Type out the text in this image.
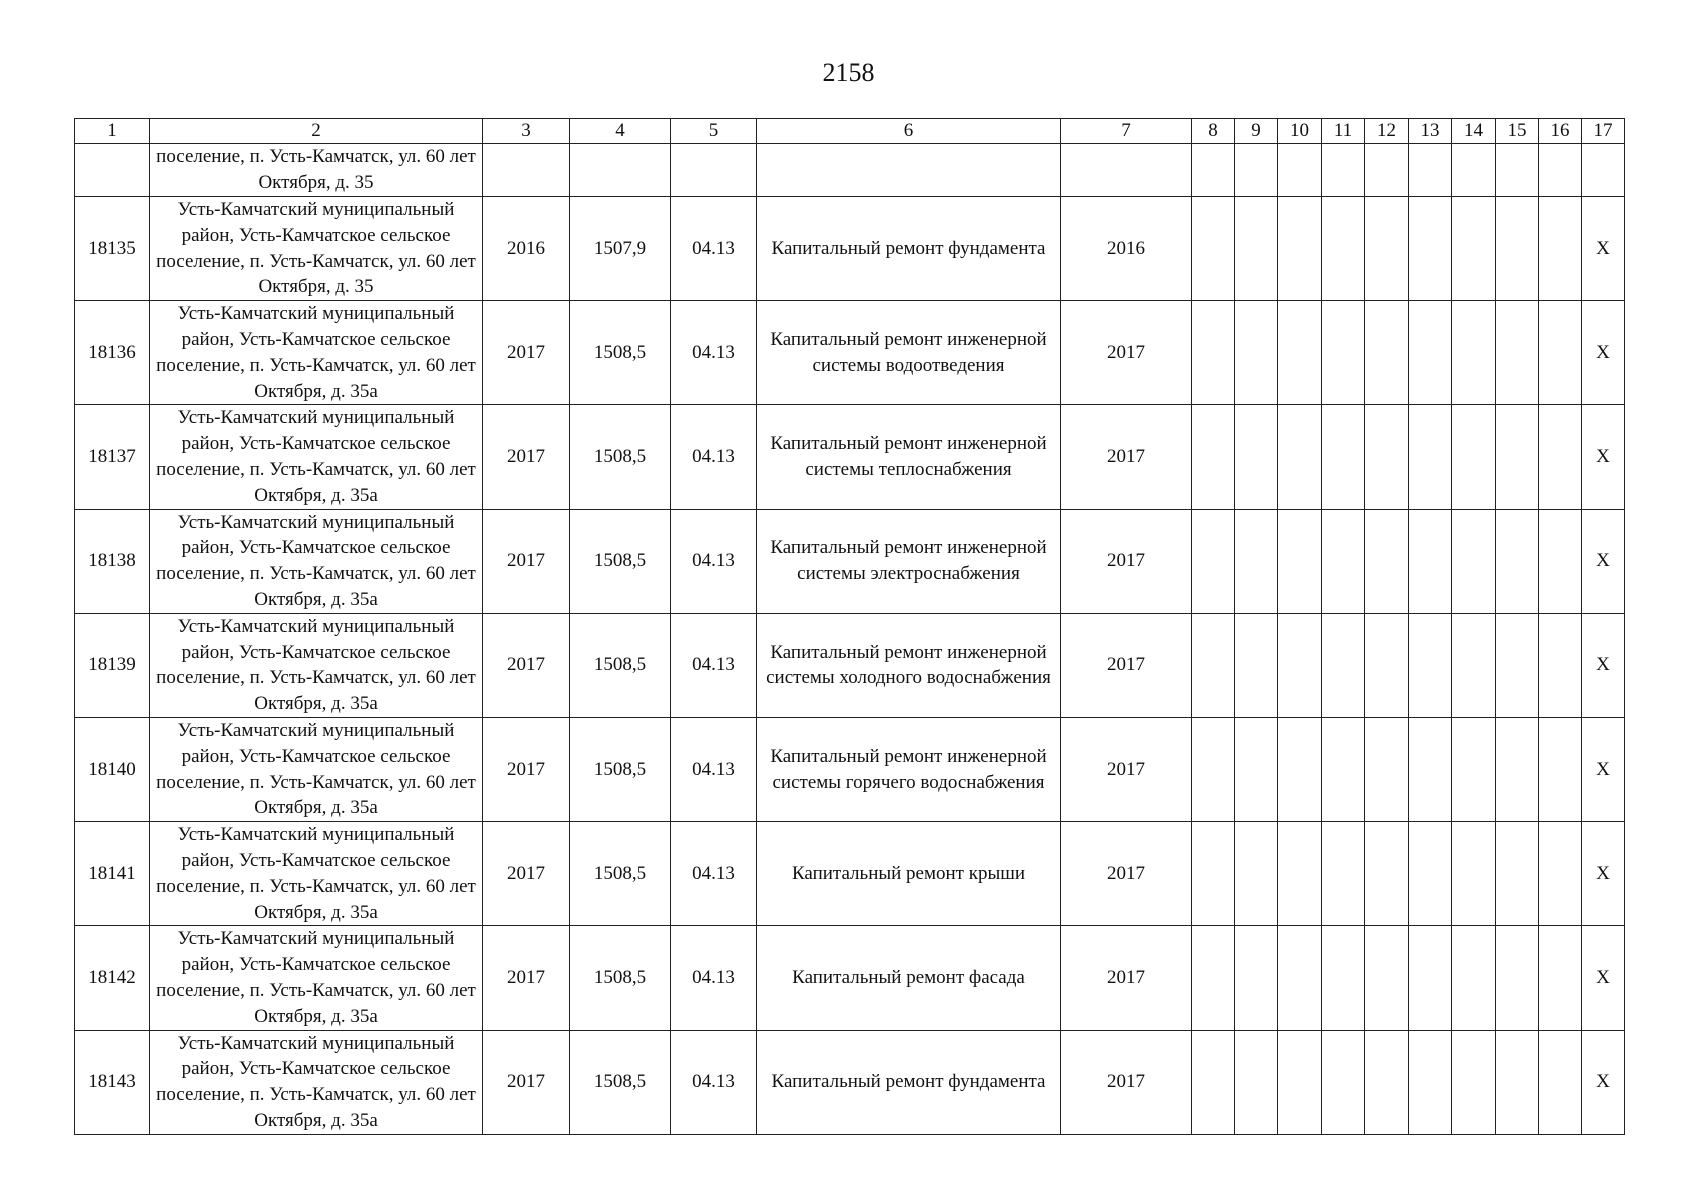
2158
1	2	3	4	5	6	7	8	9	10	11	12	13	14	15	16	17
	поселение, п. Усть-Камчатск, ул. 60 лет Октября, д. 35															
18135	Усть-Камчатский муниципальный район, Усть-Камчатское сельское поселение, п. Усть-Камчатск, ул. 60 лет Октября, д. 35	2016	1507,9	04.13	Капитальный ремонт фундамента	2016										X
18136	Усть-Камчатский муниципальный район, Усть-Камчатское сельское поселение, п. Усть-Камчатск, ул. 60 лет Октября, д. 35а	2017	1508,5	04.13	Капитальный ремонт инженерной системы водоотведения	2017										X
18137	Усть-Камчатский муниципальный район, Усть-Камчатское сельское поселение, п. Усть-Камчатск, ул. 60 лет Октября, д. 35а	2017	1508,5	04.13	Капитальный ремонт инженерной системы теплоснабжения	2017										X
18138	Усть-Камчатский муниципальный район, Усть-Камчатское сельское поселение, п. Усть-Камчатск, ул. 60 лет Октября, д. 35а	2017	1508,5	04.13	Капитальный ремонт инженерной системы электроснабжения	2017										X
18139	Усть-Камчатский муниципальный район, Усть-Камчатское сельское поселение, п. Усть-Камчатск, ул. 60 лет Октября, д. 35а	2017	1508,5	04.13	Капитальный ремонт инженерной системы холодного водоснабжения	2017										X
18140	Усть-Камчатский муниципальный район, Усть-Камчатское сельское поселение, п. Усть-Камчатск, ул. 60 лет Октября, д. 35а	2017	1508,5	04.13	Капитальный ремонт инженерной системы горячего водоснабжения	2017										X
18141	Усть-Камчатский муниципальный район, Усть-Камчатское сельское поселение, п. Усть-Камчатск, ул. 60 лет Октября, д. 35а	2017	1508,5	04.13	Капитальный ремонт крыши	2017										X
18142	Усть-Камчатский муниципальный район, Усть-Камчатское сельское поселение, п. Усть-Камчатск, ул. 60 лет Октября, д. 35а	2017	1508,5	04.13	Капитальный ремонт фасада	2017										X
18143	Усть-Камчатский муниципальный район, Усть-Камчатское сельское поселение, п. Усть-Камчатск, ул. 60 лет Октября, д. 35а	2017	1508,5	04.13	Капитальный ремонт фундамента	2017										X
